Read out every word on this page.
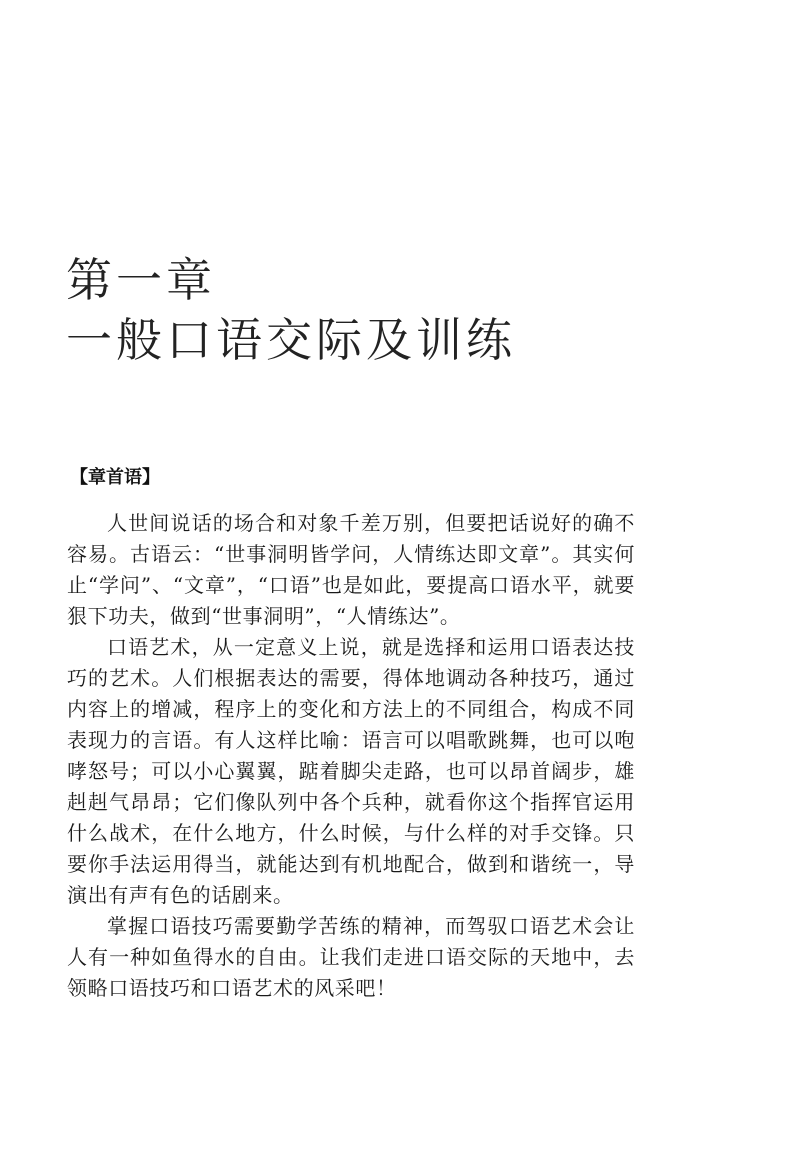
第一章
一般口语交际及训练
【章首语】

人世间说话的场合和对象千差万别，但要把话说好的确不容易。古语云：“世事洞明皆学问，人情练达即文章”。其实何止“学问”、“文章”，“口语”也是如此，要提高口语水平，就要狠下功夫，做到“世事洞明”，“人情练达”。

口语艺术，从一定意义上说，就是选择和运用口语表达技巧的艺术。人们根据表达的需要，得体地调动各种技巧，通过内容上的增减，程序上的变化和方法上的不同组合，构成不同表现力的言语。有人这样比喻：语言可以唱歌跳舞，也可以咆哮怒号；可以小心翼翼，踮着脚尖走路，也可以昂首阔步，雄赳赳气昂昂；它们像队列中各个兵种，就看你这个指挥官运用什么战术，在什么地方，什么时候，与什么样的对手交锋。只要你手法运用得当，就能达到有机地配合，做到和谐统一，导演出有声有色的话剧来。

掌握口语技巧需要勤学苦练的精神，而驾驭口语艺术会让人有一种如鱼得水的自由。让我们走进口语交际的天地中，去领略口语技巧和口语艺术的风采吧！
